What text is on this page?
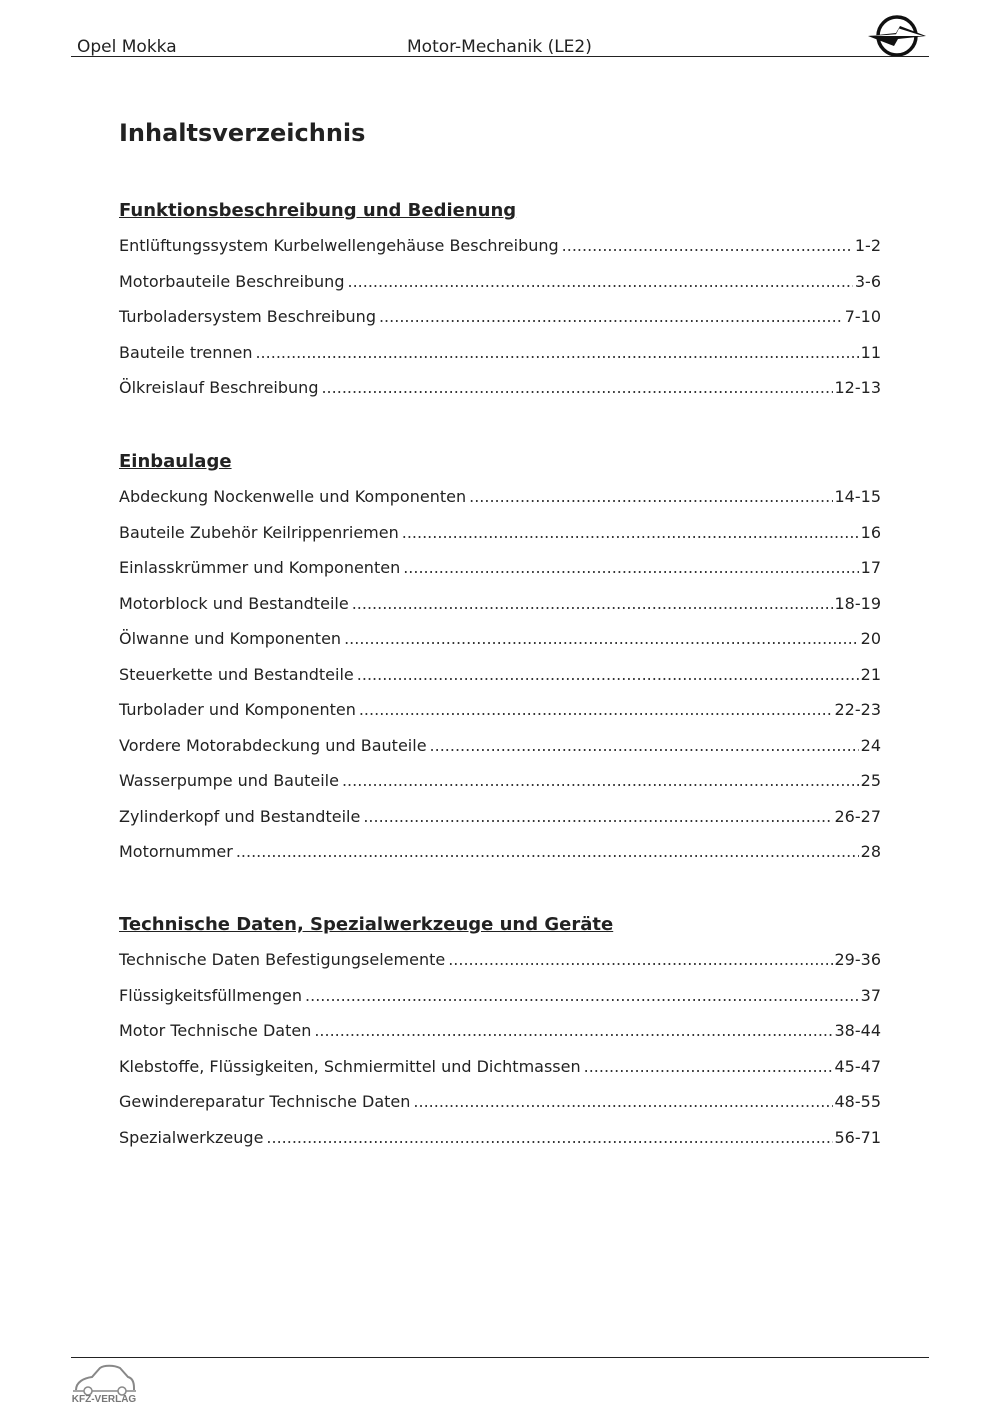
Opel Mokka	Motor-Mechanik (LE2)
Inhaltsverzeichnis
Funktionsbeschreibung und Bedienung
Entlüftungssystem Kurbelwellengehäuse Beschreibung .....	1-2
Motorbauteile Beschreibung .....	3-6
Turboladersystem Beschreibung .....	7-10
Bauteile trennen .....	11
Ölkreislauf Beschreibung .....	12-13
Einbaulage
Abdeckung Nockenwelle und Komponenten .....	14-15
Bauteile Zubehör Keilrippenriemen .....	16
Einlasskrümmer und Komponenten .....	17
Motorblock und Bestandteile .....	18-19
Ölwanne und Komponenten .....	20
Steuerkette und Bestandteile .....	21
Turbolader und Komponenten .....	22-23
Vordere Motorabdeckung und Bauteile .....	24
Wasserpumpe und Bauteile .....	25
Zylinderkopf und Bestandteile .....	26-27
Motornummer .....	28
Technische Daten, Spezialwerkzeuge und Geräte
Technische Daten Befestigungselemente .....	29-36
Flüssigkeitsfüllmengen .....	37
Motor Technische Daten .....	38-44
Klebstoffe, Flüssigkeiten, Schmiermittel und Dichtmassen .....	45-47
Gewindereparatur Technische Daten .....	48-55
Spezialwerkzeuge .....	56-71
KFZ-VERLAG
